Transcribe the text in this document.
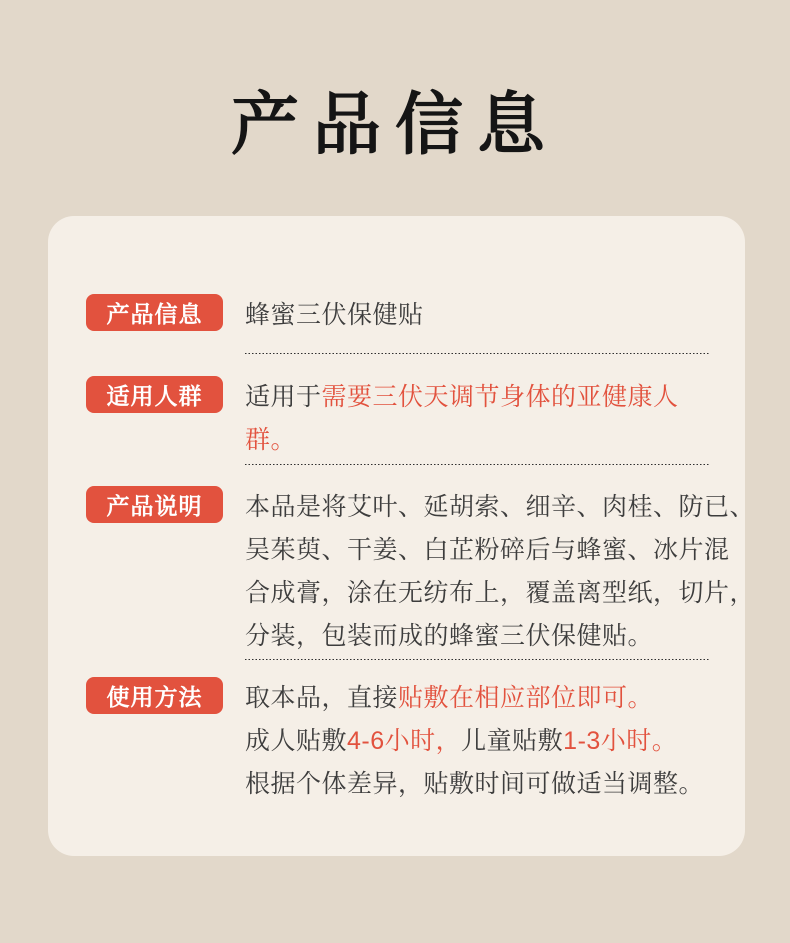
产品信息
产品信息	蜂蜜三伏保健贴
适用人群	适用于需要三伏天调节身体的亚健康人
群。
产品说明	本品是将艾叶、延胡索、细辛、肉桂、防已、
吴茱萸、干姜、白芷粉碎后与蜂蜜、冰片混
合成膏，涂在无纺布上，覆盖离型纸，切片，
分装，包装而成的蜂蜜三伏保健贴。
使用方法	取本品，直接贴敷在相应部位即可。
成人贴敷4-6小时，儿童贴敷1-3小时。
根据个体差异，贴敷时间可做适当调整。
